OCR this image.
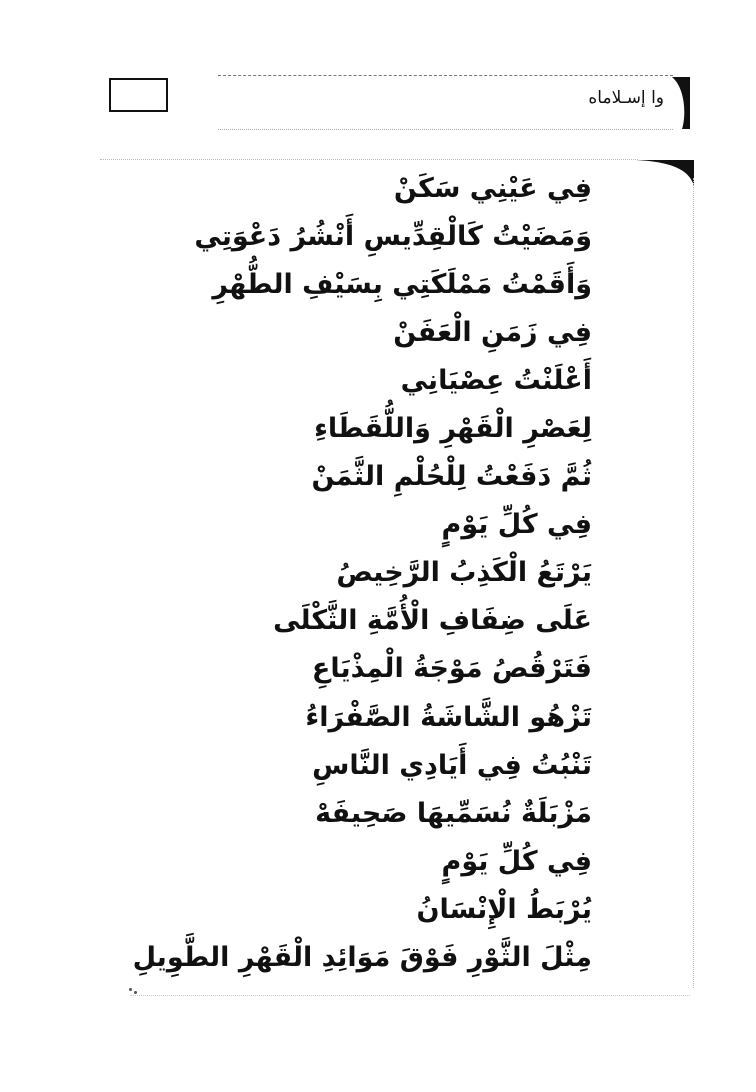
وا إسـلاماه
فِي عَيْنِي سَكَنْ
وَمَضَيْتُ كَالْقِدِّيسِ أَنْشُرُ دَعْوَتِي
وَأَقَمْتُ مَمْلَكَتِي بِسَيْفِ الطُّهْرِ
فِي زَمَنِ الْعَفَنْ
أَعْلَنْتُ عِصْيَانِي
لِعَصْرِ الْقَهْرِ وَاللُّقَطَاءِ
ثُمَّ دَفَعْتُ لِلْحُلْمِ الثَّمَنْ
فِي كُلِّ يَوْمٍ
يَرْتَعُ الْكَذِبُ الرَّخِيصُ
عَلَى ضِفَافِ الْأُمَّةِ الثَّكْلَى
فَتَرْقُصُ مَوْجَةُ الْمِذْيَاعِ
تَزْهُو الشَّاشَةُ الصَّفْرَاءُ
تَنْبُتُ فِي أَيَادِي النَّاسِ
مَزْبَلَةٌ نُسَمِّيهَا صَحِيفَهْ
فِي كُلِّ يَوْمٍ
يُرْبَطُ الْإِنْسَانُ
مِثْلَ الثَّوْرِ فَوْقَ مَوَائِدِ الْقَهْرِ الطَّوِيلِ
